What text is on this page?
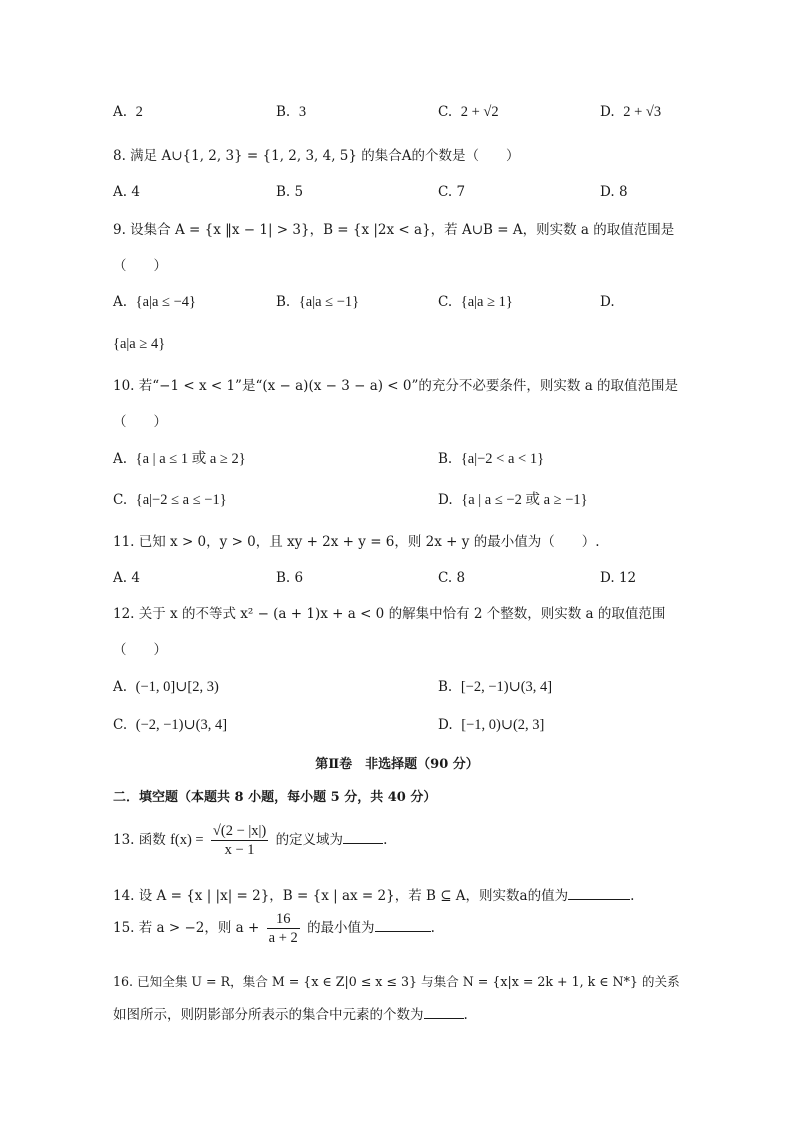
A. 2	B. 3	C. 2 + √2	D. 2 + √3
8. 满足 A∪{1, 2, 3} = {1, 2, 3, 4, 5} 的集合A的个数是（　　）
A. 4	B. 5	C. 7	D. 8
9. 设集合 A = {x ‖x − 1| > 3}，B = {x |2x < a}，若 A∪B = A，则实数 a 的取值范围是
（　　）
A. {a|a ≤ −4}	B. {a|a ≤ −1}	C. {a|a ≥ 1}	D.
{a|a ≥ 4}
10. 若“−1 < x < 1”是“(x − a)(x − 3 − a) < 0”的充分不必要条件，则实数 a 的取值范围是
（　　）
A. {a | a ≤ 1 或 a ≥ 2}	B. {a|−2 < a < 1}
C. {a|−2 ≤ a ≤ −1}	D. {a | a ≤ −2 或 a ≥ −1}
11. 已知 x > 0，y > 0，且 xy + 2x + y = 6，则 2x + y 的最小值为（　　）.
A. 4	B. 6	C. 8	D. 12
12. 关于 x 的不等式 x² − (a + 1)x + a < 0 的解集中恰有 2 个整数，则实数 a 的取值范围
（　　）
A. (−1, 0]∪[2, 3)	B. [−2, −1)∪(3, 4]
C. (−2, −1)∪(3, 4]	D. [−1, 0)∪(2, 3]
第Ⅱ卷　非选择题（90 分）
二．填空题（本题共 8 小题，每小题 5 分，共 40 分）
13. 函数 $f(x) = \frac{√(2 - |x|)}{x - 1}$ 的定义域为	.
14. 设 A = {x | |x| = 2}，B = {x | ax = 2}，若 B ⊆ A，则实数a的值为	.
15. 若 a > −2，则 $a + \frac{16}{a + 2}$ 的最小值为	.
16. 已知全集 U = R，集合 M = {x ∈ Z|0 ≤ x ≤ 3} 与集合 N = {x|x = 2k + 1, k ∈ N*} 的关系
如图所示，则阴影部分所表示的集合中元素的个数为	.
